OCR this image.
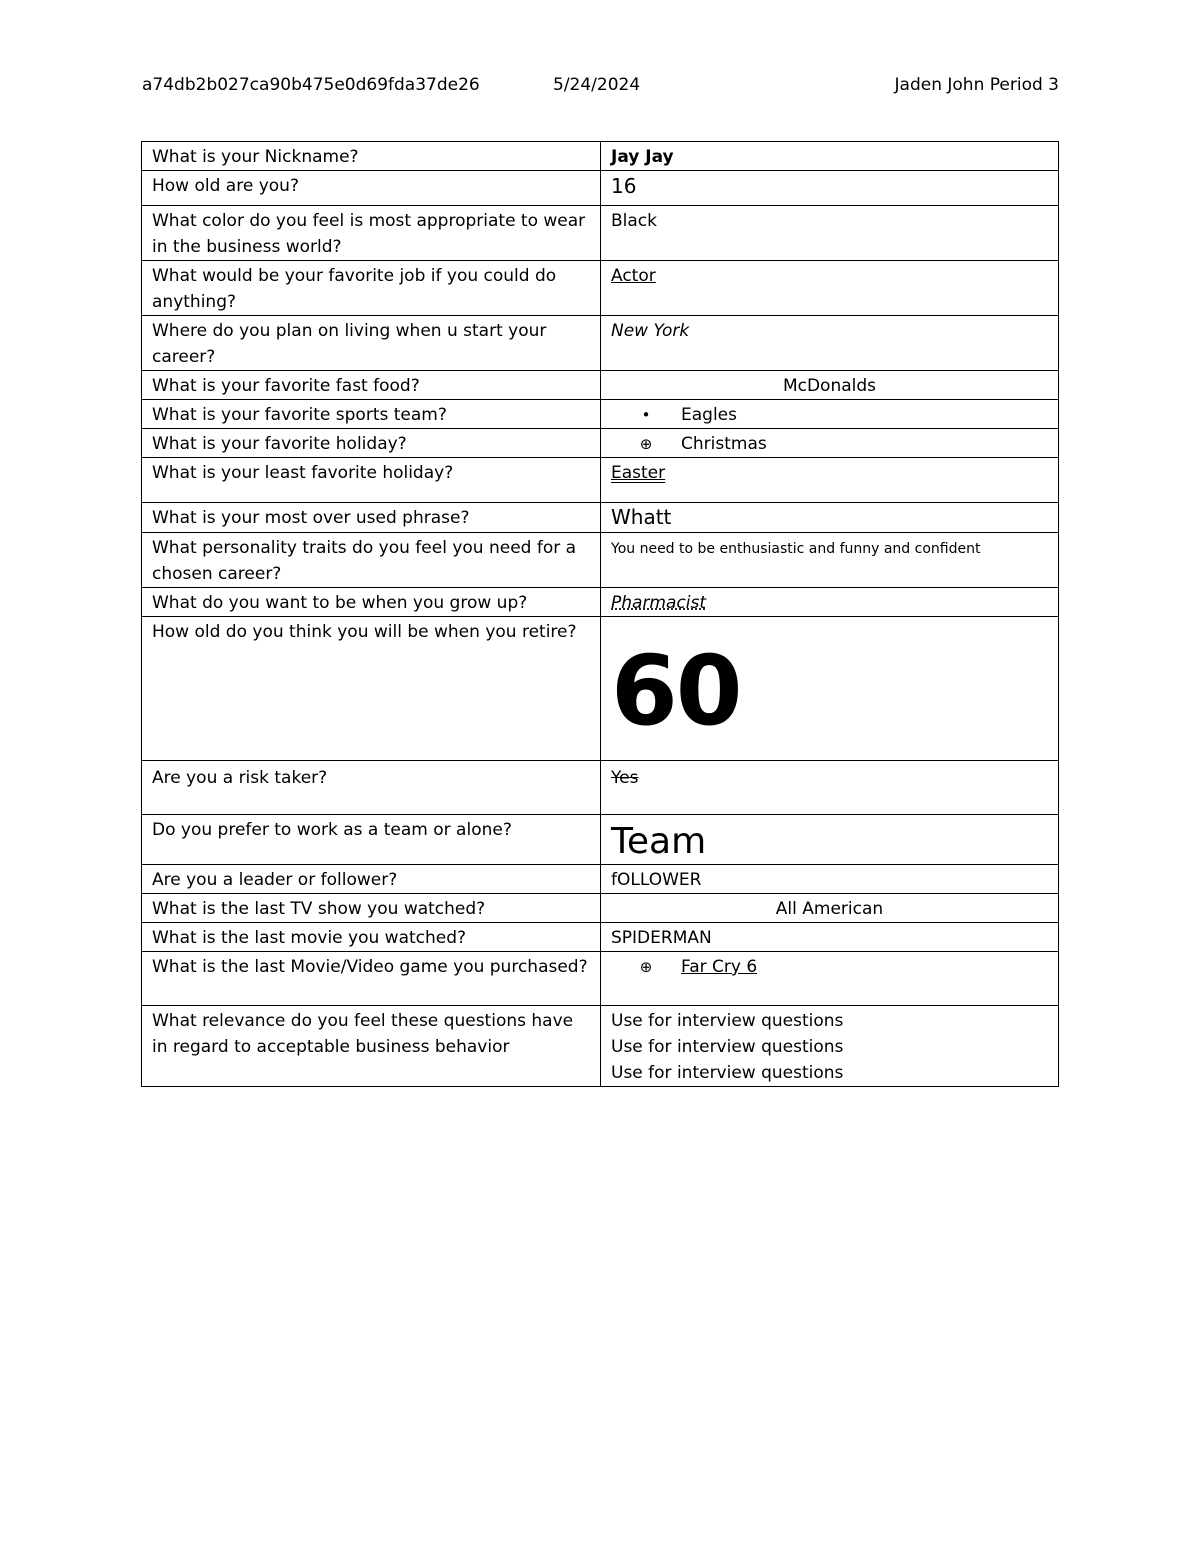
a74db2b027ca90b475e0d69fda37de26	5/24/2024	Jaden John Period 3
What is your Nickname?	Jay Jay
How old are you?	16
What color do you feel is most appropriate to wear in the business world?	Black
What would be your favorite job if you could do anything?	Actor
Where do you plan on living when u start your career?	New York
What is your favorite fast food?	McDonalds
What is your favorite sports team?	• Eagles

What is your favorite holiday?	⊕ Christmas

What is your least favorite holiday?	Easter
What is your most over used phrase?	Whatt
What personality traits do you feel you need for a chosen career?	You need to be enthusiastic and funny and confident
What do you want to be when you grow up?	Pharmacist
How old do you think you will be when you retire?	60

Are you a risk taker?	Yes
Do you prefer to work as a team or alone?	Team

Are you a leader or follower?	fOLLOWER
What is the last TV show you watched?	All American
What is the last movie you watched?	SPIDERMAN
What is the last Movie/Video game you purchased?	⊕ Far Cry 6

What relevance do you feel these questions have in regard to acceptable business behavior	Use for interview questions
Use for interview questions
Use for interview questions
